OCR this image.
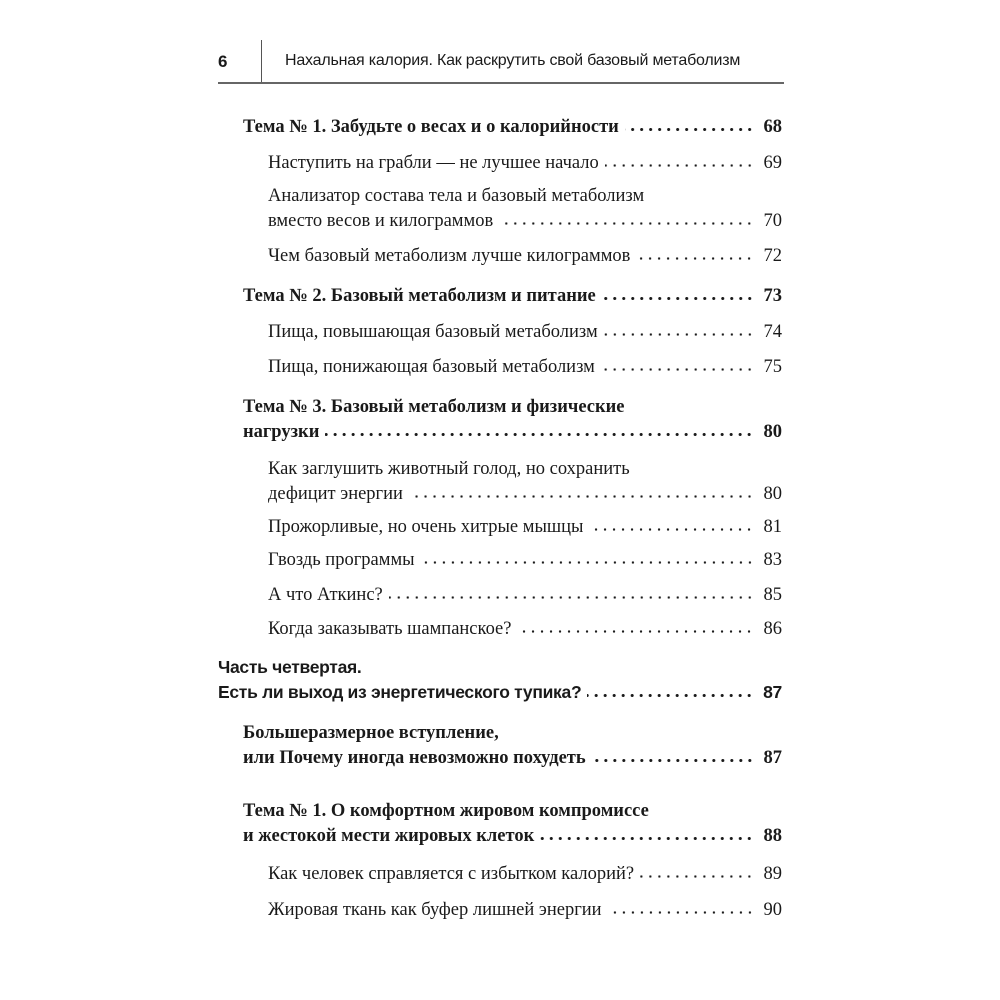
6	Нахальная калория. Как раскрутить свой базовый метаболизм
Тема № 1. Забудьте о весах и о калорийности	68
Наступить на грабли — не лучшее начало	69
Анализатор состава тела и базовый метаболизм
вместо весов и килограммов	70
Чем базовый метаболизм лучше килограммов	72
Тема № 2. Базовый метаболизм и питание	73
Пища, повышающая базовый метаболизм	74
Пища, понижающая базовый метаболизм	75
Тема № 3. Базовый метаболизм и физические
нагрузки	80
Как заглушить животный голод, но сохранить
дефицит энергии	80
Прожорливые, но очень хитрые мышцы	81
Гвоздь программы	83
А что Аткинс?	85
Когда заказывать шампанское?	86
Часть четвертая.
Есть ли выход из энергетического тупика?	87
Большеразмерное вступление,
или Почему иногда невозможно похудеть	87
Тема № 1. О комфортном жировом компромиссе
и жестокой мести жировых клеток	88
Как человек справляется с избытком калорий?	89
Жировая ткань как буфер лишней энергии	90
